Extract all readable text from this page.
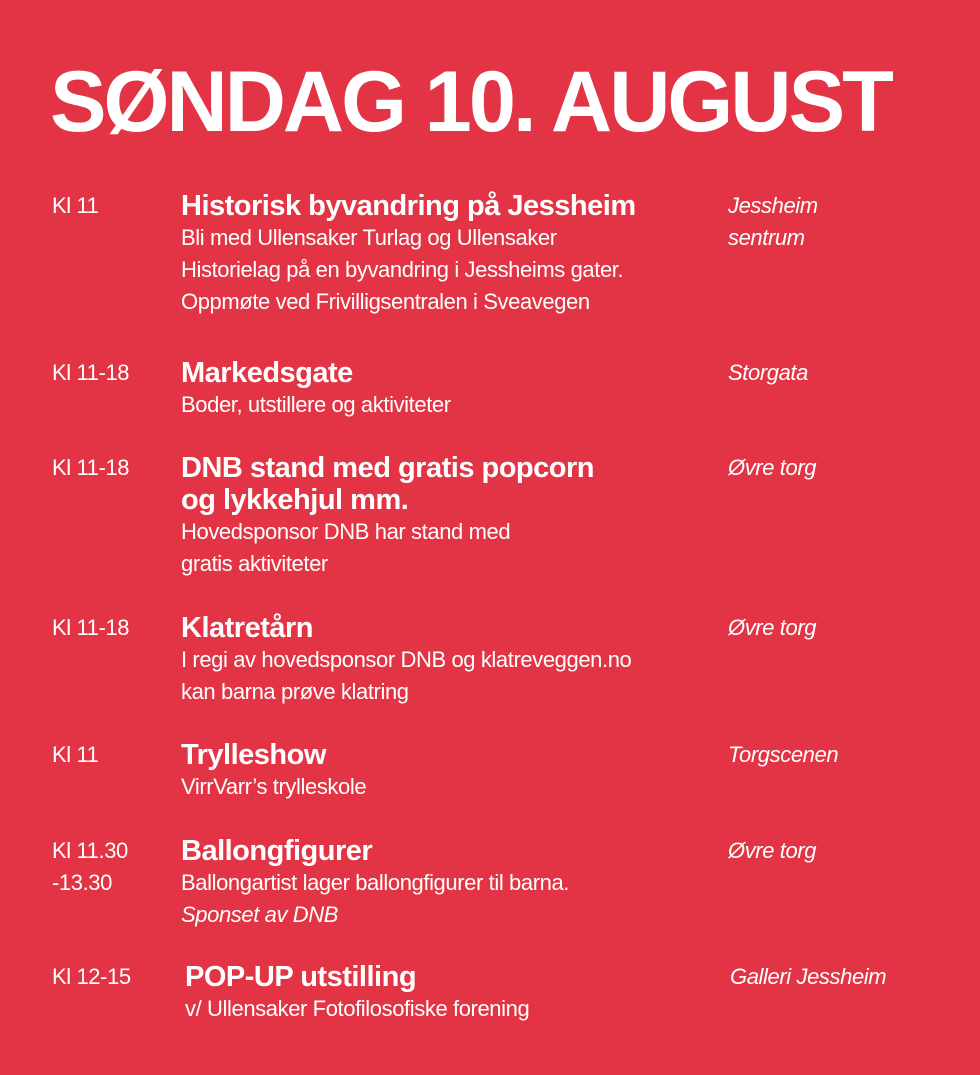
SØNDAG 10. AUGUST
Kl 11	Historisk byvandring på Jessheim
Bli med Ullensaker Turlag og Ullensaker
Historielag på en byvandring i Jessheims gater.
Oppmøte ved Frivilligsentralen i Sveavegen
Jessheim
sentrum
Kl 11-18 Markedsgate
Boder, utstillere og aktiviteter
Storgata
Kl 11-18 DNB stand med gratis popcorn
og lykkehjul mm.
Hovedsponsor DNB har stand med
gratis aktiviteter
Øvre torg
Kl 11-18 Klatretårn
I regi av hovedsponsor DNB og klatreveggen.no
kan barna prøve klatring
Øvre torg
Kl 11	Trylleshow
VirrVarr’s trylleskole
Torgscenen
Kl 11.30
-13.30
Ballongfigurer
Ballongartist lager ballongfigurer til barna.
Sponset av DNB
Øvre torg
Kl 12-15 POP-UP utstilling
v/ Ullensaker Fotofilosofiske forening
Galleri Jessheim
